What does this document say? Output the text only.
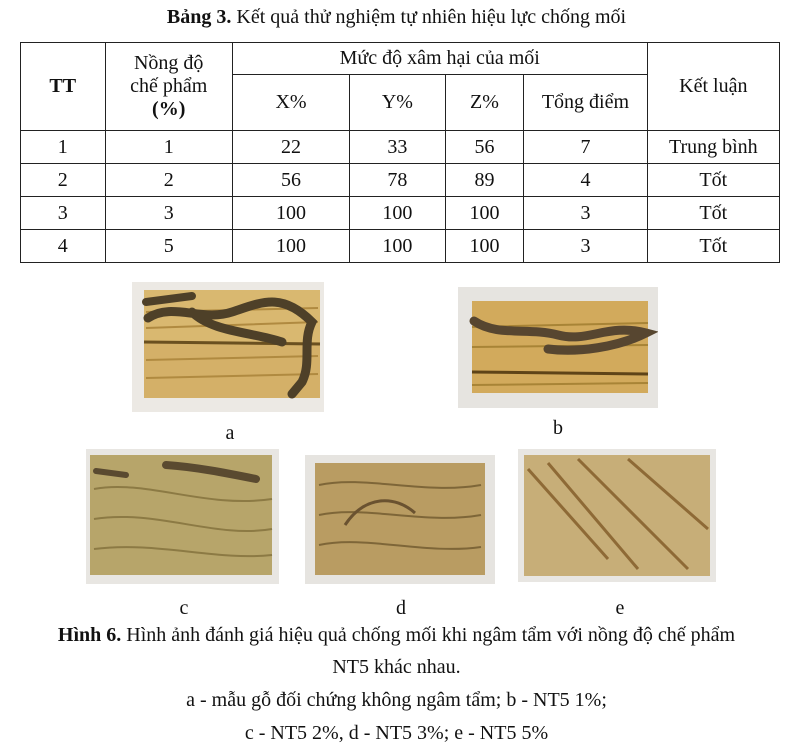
Bảng 3. Kết quả thử nghiệm tự nhiên hiệu lực chống mối
TT	Nồng độ
chế phẩm
(%)	Mức độ xâm hại của mối				Kết luận
		X%	Y%	Z%	Tổng điểm	
1	1	22	33	56	7	Trung bình
2	2	56	78	89	4	Tốt
3	3	100	100	100	3	Tốt
4	5	100	100	100	3	Tốt
a	b
c	d	e
Hình 6. Hình ảnh đánh giá hiệu quả chống mối khi ngâm tẩm với nồng độ chế phẩm
NT5 khác nhau.
a - mẫu gỗ đối chứng không ngâm tẩm; b - NT5 1%;
c - NT5 2%, d - NT5 3%; e - NT5 5%
